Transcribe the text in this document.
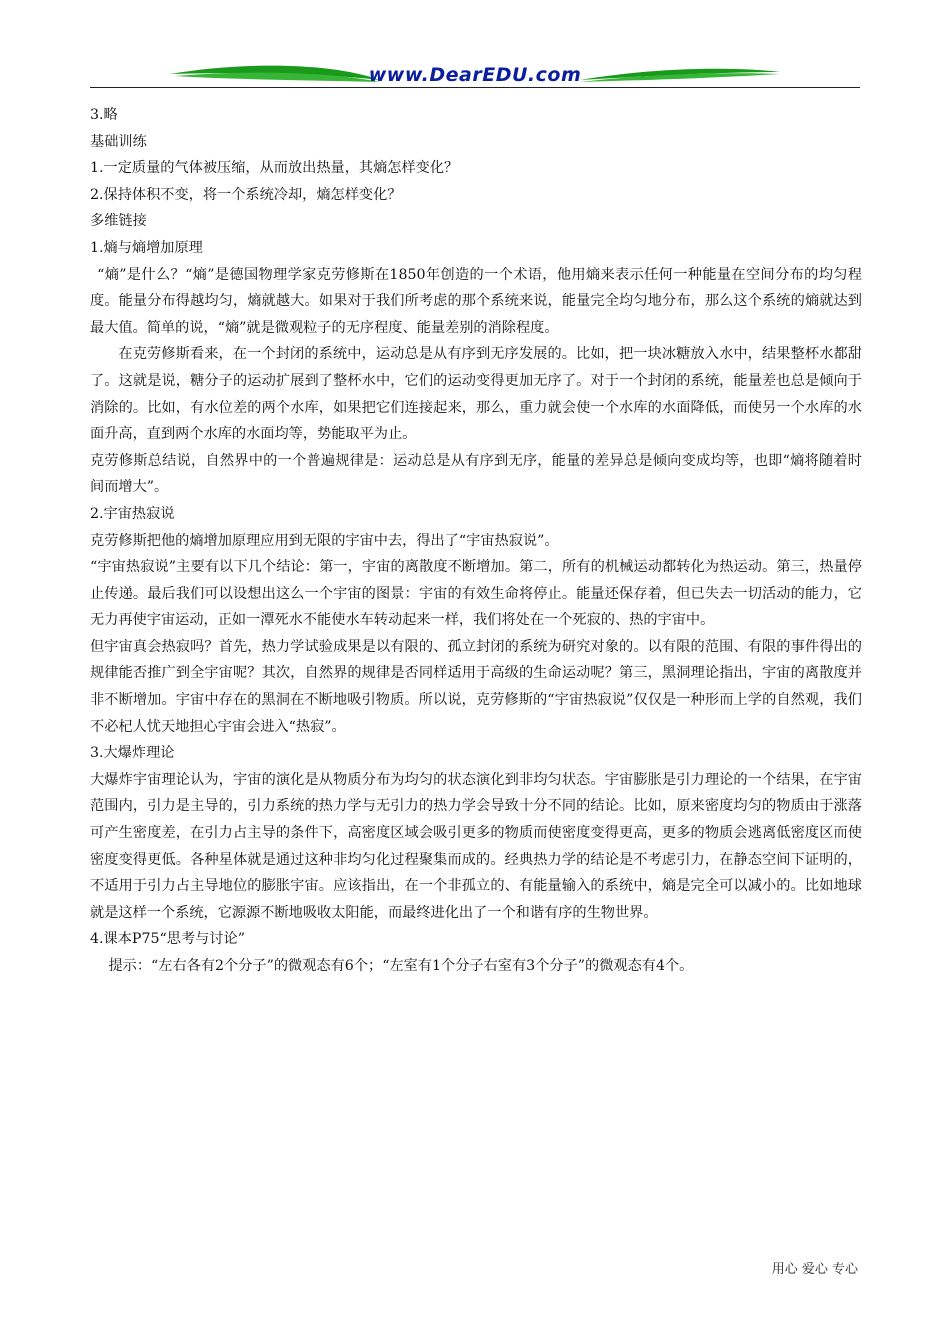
www.DearEDU.com

3.略

基础训练

1.一定质量的气体被压缩，从而放出热量，其熵怎样变化？

2.保持体积不变，将一个系统冷却，熵怎样变化？

多维链接

1.熵与熵增加原理

“熵”是什么？“熵”是德国物理学家克劳修斯在1850年创造的一个术语，他用熵来表示任何一种能量在空间分布的均匀程度。能量分布得越均匀，熵就越大。如果对于我们所考虑的那个系统来说，能量完全均匀地分布，那么这个系统的熵就达到最大值。简单的说，“熵”就是微观粒子的无序程度、能量差别的消除程度。

在克劳修斯看来，在一个封闭的系统中，运动总是从有序到无序发展的。比如，把一块冰糖放入水中，结果整杯水都甜了。这就是说，糖分子的运动扩展到了整杯水中，它们的运动变得更加无序了。对于一个封闭的系统，能量差也总是倾向于消除的。比如，有水位差的两个水库，如果把它们连接起来，那么，重力就会使一个水库的水面降低，而使另一个水库的水面升高，直到两个水库的水面均等，势能取平为止。

克劳修斯总结说，自然界中的一个普遍规律是：运动总是从有序到无序，能量的差异总是倾向变成均等，也即“熵将随着时间而增大”。

2.宇宙热寂说

克劳修斯把他的熵增加原理应用到无限的宇宙中去，得出了“宇宙热寂说”。

“宇宙热寂说”主要有以下几个结论：第一，宇宙的离散度不断增加。第二，所有的机械运动都转化为热运动。第三，热量停止传递。最后我们可以设想出这么一个宇宙的图景：宇宙的有效生命将停止。能量还保存着，但已失去一切活动的能力，它无力再使宇宙运动，正如一潭死水不能使水车转动起来一样，我们将处在一个死寂的、热的宇宙中。

但宇宙真会热寂吗？首先，热力学试验成果是以有限的、孤立封闭的系统为研究对象的。以有限的范围、有限的事件得出的规律能否推广到全宇宙呢？其次，自然界的规律是否同样适用于高级的生命运动呢？第三，黑洞理论指出，宇宙的离散度并非不断增加。宇宙中存在的黑洞在不断地吸引物质。所以说，克劳修斯的“宇宙热寂说”仅仅是一种形而上学的自然观，我们不必杞人忧天地担心宇宙会进入“热寂”。

3.大爆炸理论

大爆炸宇宙理论认为，宇宙的演化是从物质分布为均匀的状态演化到非均匀状态。宇宙膨胀是引力理论的一个结果，在宇宙范围内，引力是主导的，引力系统的热力学与无引力的热力学会导致十分不同的结论。比如，原来密度均匀的物质由于涨落可产生密度差，在引力占主导的条件下，高密度区域会吸引更多的物质而使密度变得更高，更多的物质会逃离低密度区而使密度变得更低。各种星体就是通过这种非均匀化过程聚集而成的。经典热力学的结论是不考虑引力，在静态空间下证明的，不适用于引力占主导地位的膨胀宇宙。应该指出，在一个非孤立的、有能量输入的系统中，熵是完全可以减小的。比如地球就是这样一个系统，它源源不断地吸收太阳能，而最终进化出了一个和谐有序的生物世界。

4.课本P75“思考与讨论”

提示：“左右各有2个分子”的微观态有6个；“左室有1个分子右室有3个分子”的微观态有4个。

用心 爱心 专心
